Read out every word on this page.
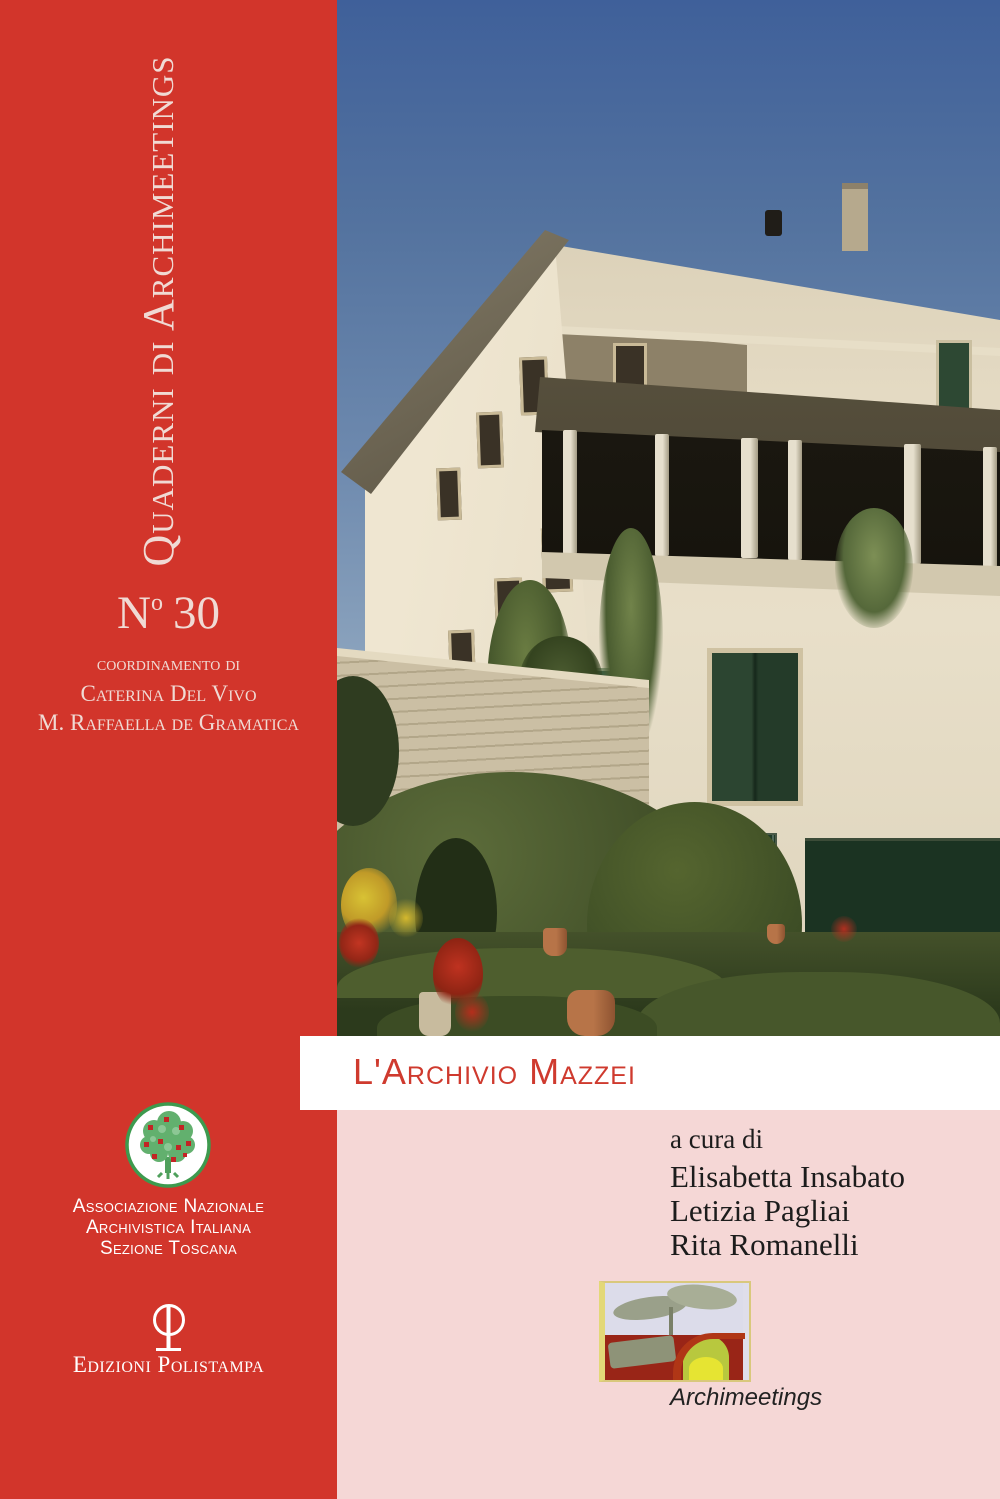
Quaderni di Archimeetings
$N^o$ 30
coordinamento di
Caterina Del Vivo
M. Raffaella de Gramatica
Associazione Nazionale
Archivistica Italiana
Sezione Toscana
Edizioni Polistampa
L'Archivio Mazzei
a cura di
Elisabetta Insabato
Letizia Pagliai
Rita Romanelli
Archimeetings
